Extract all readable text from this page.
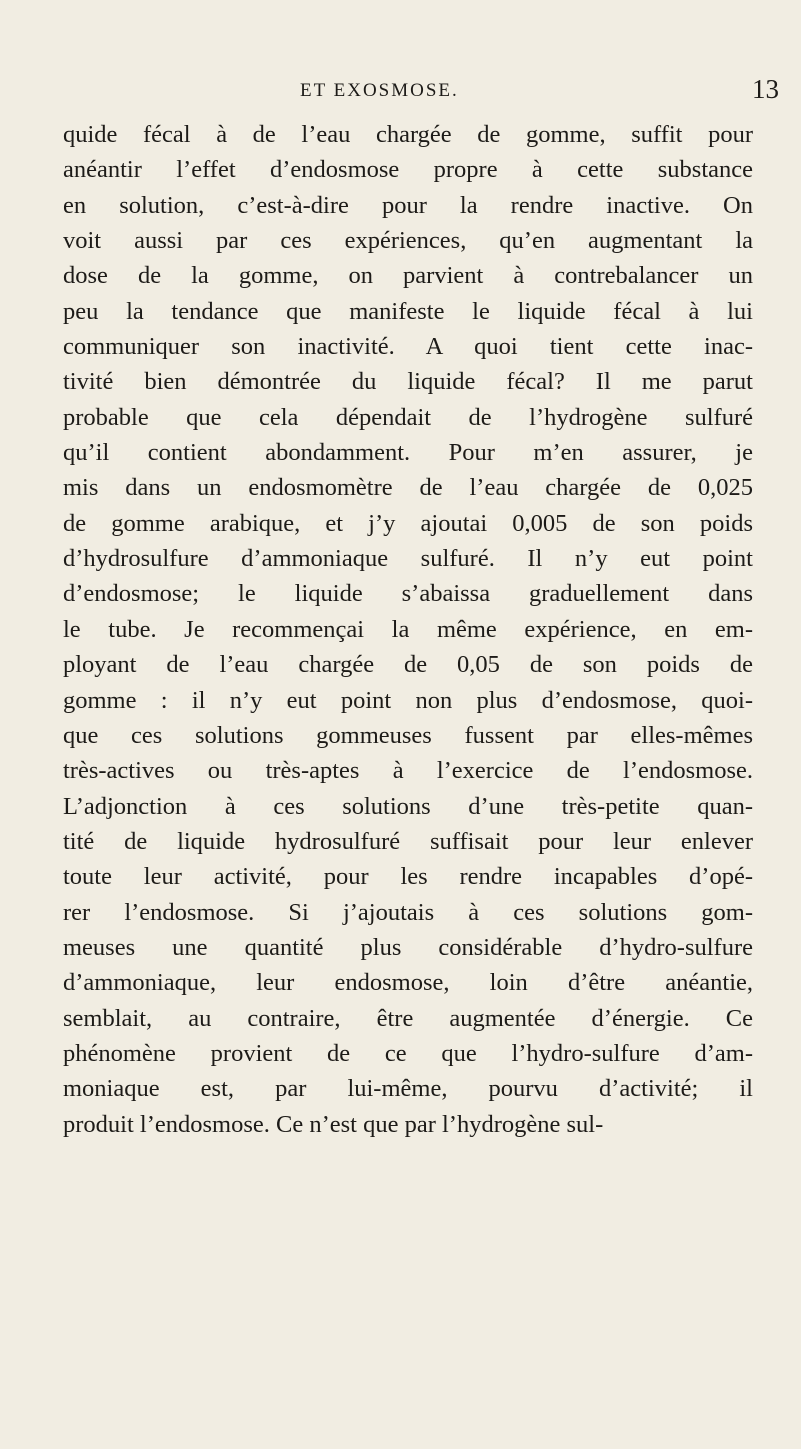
ET EXOSMOSE.	13
quide fécal à de l’eau chargée de gomme, suffit pour
anéantir l’effet d’endosmose propre à cette substance
en solution, c’est-à-dire pour la rendre inactive. On
voit aussi par ces expériences, qu’en augmentant la
dose de la gomme, on parvient à contrebalancer un
peu la tendance que manifeste le liquide fécal à lui
communiquer son inactivité. A quoi tient cette inac-
tivité bien démontrée du liquide fécal? Il me parut
probable que cela dépendait de l’hydrogène sulfuré
qu’il contient abondamment. Pour m’en assurer, je
mis dans un endosmomètre de l’eau chargée de 0,025
de gomme arabique, et j’y ajoutai 0,005 de son poids
d’hydrosulfure d’ammoniaque sulfuré. Il n’y eut point
d’endosmose; le liquide s’abaissa graduellement dans
le tube. Je recommençai la même expérience, en em-
ployant de l’eau chargée de 0,05 de son poids de
gomme : il n’y eut point non plus d’endosmose, quoi-
que ces solutions gommeuses fussent par elles-mêmes
très-actives ou très-aptes à l’exercice de l’endosmose.
L’adjonction à ces solutions d’une très-petite quan-
tité de liquide hydrosulfuré suffisait pour leur enlever
toute leur activité, pour les rendre incapables d’opé-
rer l’endosmose. Si j’ajoutais à ces solutions gom-
meuses une quantité plus considérable d’hydro-sulfure
d’ammoniaque, leur endosmose, loin d’être anéantie,
semblait, au contraire, être augmentée d’énergie. Ce
phénomène provient de ce que l’hydro-sulfure d’am-
moniaque est, par lui-même, pourvu d’activité; il
produit l’endosmose. Ce n’est que par l’hydrogène sul-
